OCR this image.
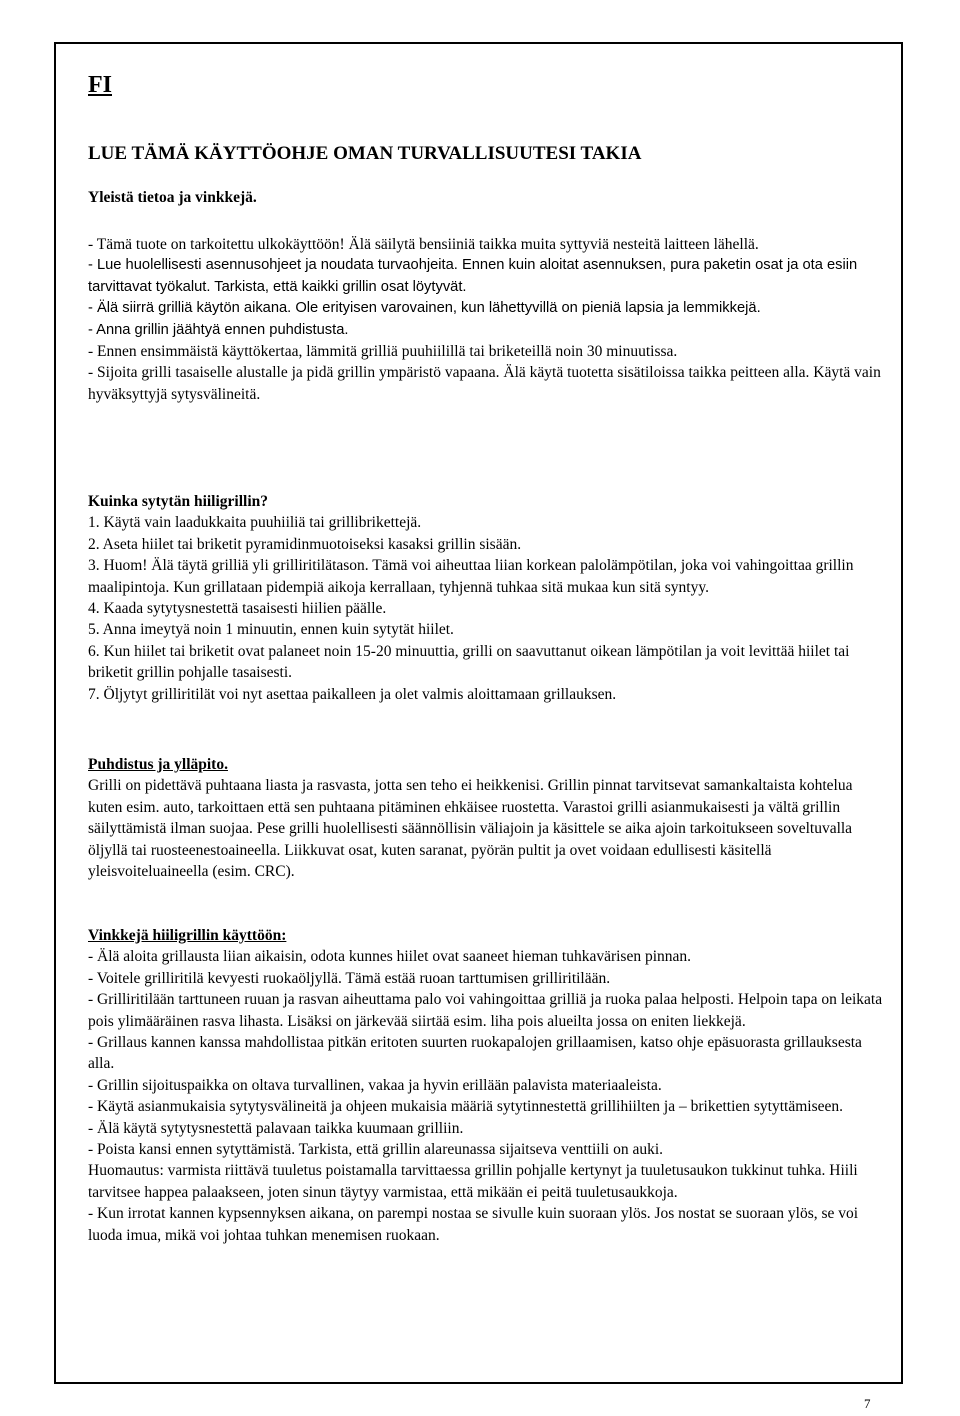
FI
LUE TÄMÄ KÄYTTÖOHJE OMAN TURVALLISUUTESI TAKIA
Yleistä tietoa ja vinkkejä.
- Tämä tuote on tarkoitettu ulkokäyttöön! Älä säilytä bensiiniä taikka muita syttyviä nesteitä laitteen lähellä.
- Lue huolellisesti asennusohjeet ja noudata turvaohjeita. Ennen kuin aloitat asennuksen, pura paketin osat ja ota esiin tarvittavat työkalut. Tarkista, että kaikki grillin osat löytyvät.
- Älä siirrä grilliä käytön aikana. Ole erityisen varovainen, kun lähettyvillä on pieniä lapsia ja lemmikkejä.
- Anna grillin jäähtyä ennen puhdistusta.
- Ennen ensimmäistä käyttökertaa, lämmitä grilliä puuhiilillä tai briketeillä noin 30 minuutissa.
- Sijoita grilli tasaiselle alustalle ja pidä grillin ympäristö vapaana. Älä käytä tuotetta sisätiloissa taikka peitteen alla. Käytä vain hyväksyttyjä sytysvälineitä.
Kuinka sytytän hiiligrillin?
1. Käytä vain laadukkaita puuhiiliä tai grillibrikettejä.
2. Aseta hiilet tai briketit pyramidinmuotoiseksi kasaksi grillin sisään.
3. Huom! Älä täytä grilliä yli grilliritilätason. Tämä voi aiheuttaa liian korkean palolämpötilan, joka voi vahingoittaa grillin maalipintoja. Kun grillataan pidempiä aikoja kerrallaan, tyhjennä tuhkaa sitä mukaa kun sitä syntyy.
4. Kaada sytytysnestettä tasaisesti hiilien päälle.
5. Anna imeytyä noin 1 minuutin, ennen kuin sytytät hiilet.
6. Kun hiilet tai briketit ovat palaneet noin 15-20 minuuttia, grilli on saavuttanut oikean lämpötilan ja voit levittää hiilet tai briketit grillin pohjalle tasaisesti.
7. Öljytyt grilliritilät voi nyt asettaa paikalleen ja olet valmis aloittamaan grillauksen.
Puhdistus ja ylläpito.

Grilli on pidettävä puhtaana liasta ja rasvasta, jotta sen teho ei heikkenisi. Grillin pinnat tarvitsevat samankaltaista kohtelua kuten esim. auto, tarkoittaen että sen puhtaana pitäminen ehkäisee ruostetta. Varastoi grilli asianmukaisesti ja vältä grillin säilyttämistä ilman suojaa. Pese grilli huolellisesti säännöllisin väliajoin ja käsittele se aika ajoin tarkoitukseen soveltuvalla öljyllä tai ruosteenestoaineella. Liikkuvat osat, kuten saranat, pyörän pultit ja ovet voidaan edullisesti käsitellä yleisvoiteluaineella (esim. CRC).

Vinkkejä hiiligrillin käyttöön:
- Älä aloita grillausta liian aikaisin, odota kunnes hiilet ovat saaneet hieman tuhkavärisen pinnan.
- Voitele grilliritilä kevyesti ruokaöljyllä. Tämä estää ruoan tarttumisen grilliritilään.
- Grilliritilään tarttuneen ruuan ja rasvan aiheuttama palo voi vahingoittaa grilliä ja ruoka palaa helposti. Helpoin tapa on leikata pois ylimääräinen rasva lihasta. Lisäksi on järkevää siirtää esim. liha pois alueilta jossa on eniten liekkejä.
- Grillaus kannen kanssa mahdollistaa pitkän eritoten suurten ruokapalojen grillaamisen, katso ohje epäsuorasta grillauksesta alla.
- Grillin sijoituspaikka on oltava turvallinen, vakaa ja hyvin erillään palavista materiaaleista.
- Käytä asianmukaisia sytytysvälineitä ja ohjeen mukaisia määriä sytytinnestettä grillihiilten ja – brikettien sytyttämiseen.
- Älä käytä sytytysnestettä palavaan taikka kuumaan grilliin.
- Poista kansi ennen sytyttämistä. Tarkista, että grillin alareunassa sijaitseva venttiili on auki.
Huomautus: varmista riittävä tuuletus poistamalla tarvittaessa grillin pohjalle kertynyt ja tuuletusaukon tukkinut tuhka. Hiili tarvitsee happea palaakseen, joten sinun täytyy varmistaa, että mikään ei peitä tuuletusaukkoja.
- Kun irrotat kannen kypsennyksen aikana, on parempi nostaa se sivulle kuin suoraan ylös. Jos nostat se suoraan ylös, se voi luoda imua, mikä voi johtaa tuhkan menemisen ruokaan.
7
